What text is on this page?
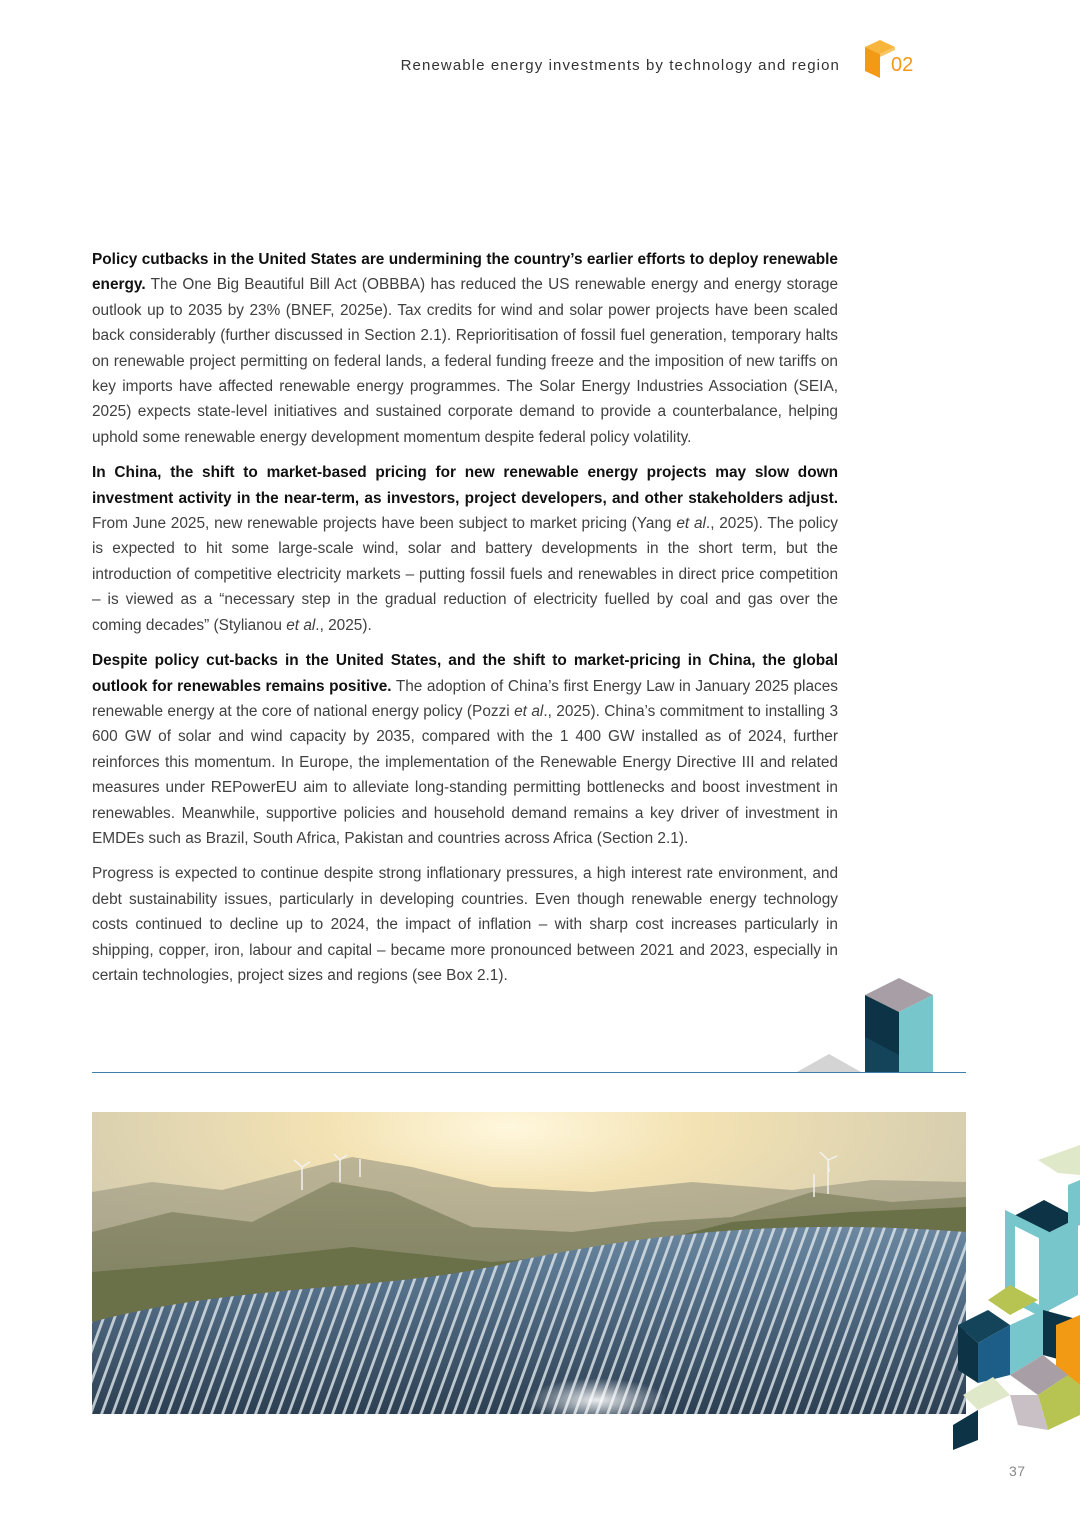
Renewable energy investments by technology and region	02

Policy cutbacks in the United States are undermining the country’s earlier efforts to deploy renewable energy. The One Big Beautiful Bill Act (OBBBA) has reduced the US renewable energy and energy storage outlook up to 2035 by 23% (BNEF, 2025e). Tax credits for wind and solar power projects have been scaled back considerably (further discussed in Section 2.1). Reprioritisation of fossil fuel generation, temporary halts on renewable project permitting on federal lands, a federal funding freeze and the imposition of new tariffs on key imports have affected renewable energy programmes. The Solar Energy Industries Association (SEIA, 2025) expects state-level initiatives and sustained corporate demand to provide a counterbalance, helping uphold some renewable energy development momentum despite federal policy volatility.

In China, the shift to market-based pricing for new renewable energy projects may slow down investment activity in the near-term, as investors, project developers, and other stakeholders adjust. From June 2025, new renewable projects have been subject to market pricing (Yang et al., 2025). The policy is expected to hit some large-scale wind, solar and battery developments in the short term, but the introduction of competitive electricity markets – putting fossil fuels and renewables in direct price competition – is viewed as a “necessary step in the gradual reduction of electricity fuelled by coal and gas over the coming decades” (Stylianou et al., 2025).

Despite policy cut-backs in the United States, and the shift to market-pricing in China, the global outlook for renewables remains positive. The adoption of China’s first Energy Law in January 2025 places renewable energy at the core of national energy policy (Pozzi et al., 2025). China’s commitment to installing 3 600 GW of solar and wind capacity by 2035, compared with the 1 400 GW installed as of 2024, further reinforces this momentum. In Europe, the implementation of the Renewable Energy Directive III and related measures under REPowerEU aim to alleviate long-standing permitting bottlenecks and boost investment in renewables. Meanwhile, supportive policies and household demand remains a key driver of investment in EMDEs such as Brazil, South Africa, Pakistan and countries across Africa (Section 2.1).

Progress is expected to continue despite strong inflationary pressures, a high interest rate environment, and debt sustainability issues, particularly in developing countries. Even though renewable energy technology costs continued to decline up to 2024, the impact of inflation – with sharp cost increases particularly in shipping, copper, iron, labour and capital – became more pronounced between 2021 and 2023, especially in certain technologies, project sizes and regions (see Box 2.1).

37
